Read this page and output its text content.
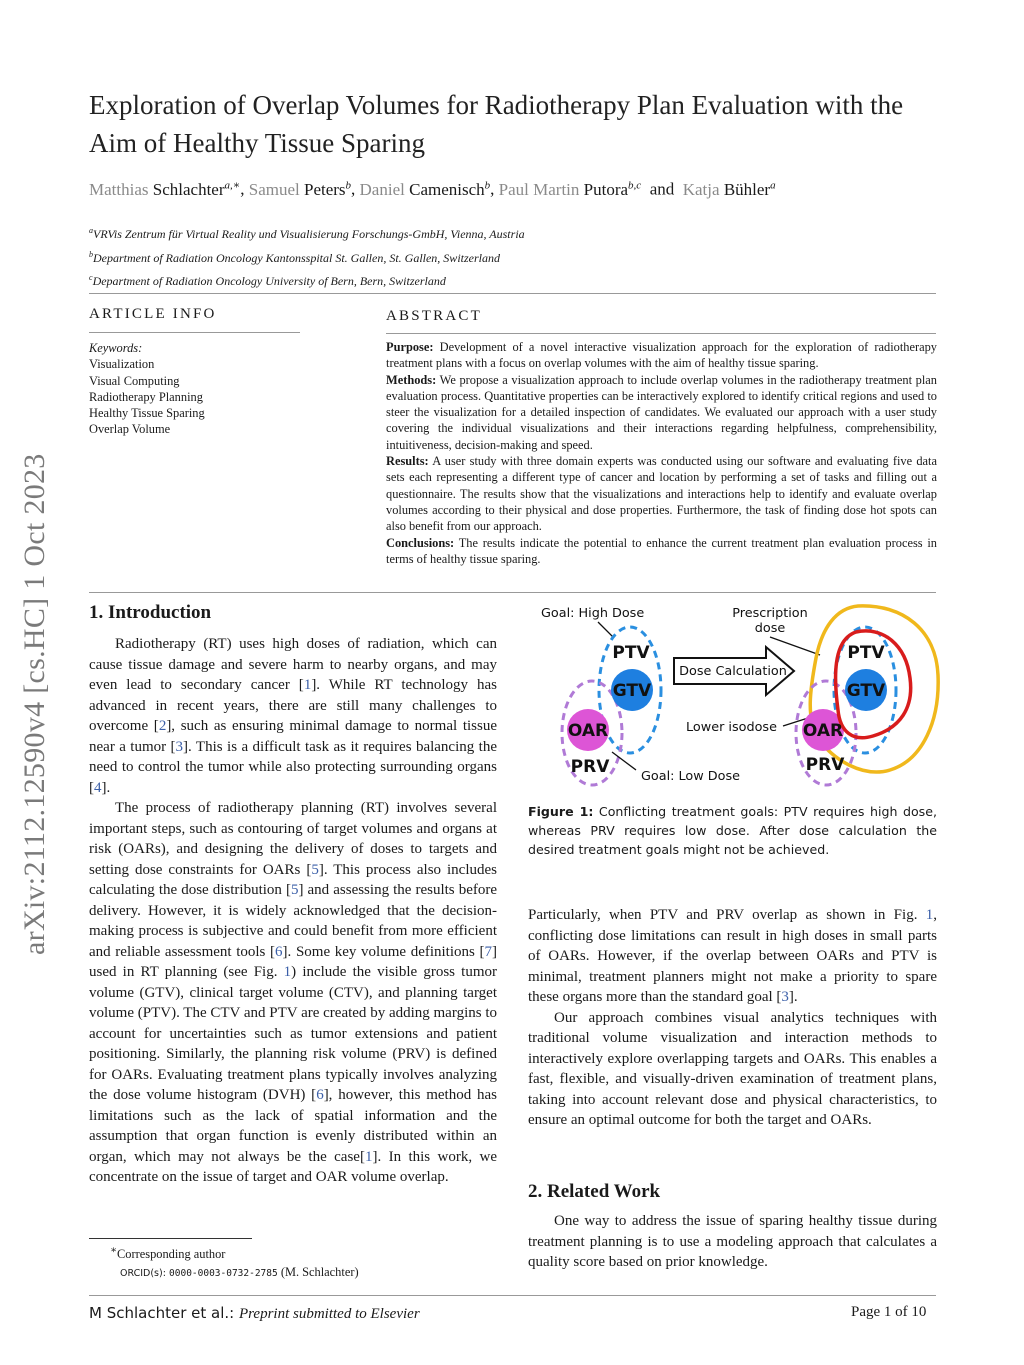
arXiv:2112.12590v4 [cs.HC] 1 Oct 2023
Exploration of Overlap Volumes for Radiotherapy Plan Evaluation with the Aim of Healthy Tissue Sparing
Matthias Schlachter$^{a,∗}$, Samuel Peters$^b$, Daniel Camenisch$^b$, Paul Martin Putora$^{b,c}$ and Katja Bühler$^a$
$^a$VRVis Zentrum für Virtual Reality und Visualisierung Forschungs-GmbH, Vienna, Austria
$^b$Department of Radiation Oncology Kantonsspital St. Gallen, St. Gallen, Switzerland
$^c$Department of Radiation Oncology University of Bern, Bern, Switzerland
ARTICLE INFO	ABSTRACT
Keywords:
Visualization
Visual Computing
Radiotherapy Planning
Healthy Tissue Sparing
Overlap Volume

Purpose: Development of a novel interactive visualization approach for the exploration of radiotherapy treatment plans with a focus on overlap volumes with the aim of healthy tissue sparing.

Methods: We propose a visualization approach to include overlap volumes in the radiotherapy treatment plan evaluation process. Quantitative properties can be interactively explored to identify critical regions and used to steer the visualization for a detailed inspection of candidates. We evaluated our approach with a user study covering the individual visualizations and their interactions regarding helpfulness, comprehensibility, intuitiveness, decision-making and speed.

Results: A user study with three domain experts was conducted using our software and evaluating five data sets each representing a different type of cancer and location by performing a set of tasks and filling out a questionnaire. The results show that the visualizations and interactions help to identify and evaluate overlap volumes according to their physical and dose properties. Furthermore, the task of finding dose hot spots can also benefit from our approach.

Conclusions: The results indicate the potential to enhance the current treatment plan evaluation process in terms of healthy tissue sparing.

1. Introduction

Radiotherapy (RT) uses high doses of radiation, which can cause tissue damage and severe harm to nearby organs, and may even lead to secondary cancer [1]. While RT technology has advanced in recent years, there are still many challenges to overcome [2], such as ensuring minimal damage to normal tissue near a tumor [3]. This is a difficult task as it requires balancing the need to control the tumor while also protecting surrounding organs [4].

The process of radiotherapy planning (RT) involves several important steps, such as contouring of target volumes and organs at risk (OARs), and designing the delivery of doses to targets and setting dose constraints for OARs [5]. This process also includes calculating the dose distribution [5] and assessing the results before delivery. However, it is widely acknowledged that the decision-making process is subjective and could benefit from more efficient and reliable assessment tools [6]. Some key volume definitions [7] used in RT planning (see Fig. 1) include the visible gross tumor volume (GTV), clinical target volume (CTV), and planning target volume (PTV). The CTV and PTV are created by adding margins to account for uncertainties such as tumor extensions and patient positioning. Similarly, the planning risk volume (PRV) is defined for OARs. Evaluating treatment plans typically involves analyzing the dose volume histogram (DVH) [6], however, this method has limitations such as the lack of spatial information and the assumption that organ function is evenly distributed within an organ, which may not always be the case[1]. In this work, we concentrate on the issue of target and OAR volume overlap.

Goal: High Dose	Prescription
dose
PTV
GTV
OAR
PRV
Dose Calculation
Lower isodose
Goal: Low Dose
PTV
GTV
OAR
PRV
Figure 1: Conflicting treatment goals: PTV requires high dose, whereas PRV requires low dose. After dose calculation the desired treatment goals might not be achieved.

Particularly, when PTV and PRV overlap as shown in Fig. 1, conflicting dose limitations can result in high doses in small parts of OARs. However, if the overlap between OARs and PTV is minimal, treatment planners might not make a priority to spare these organs more than the standard goal [3].

Our approach combines visual analytics techniques with traditional volume visualization and interaction methods to interactively explore overlapping targets and OARs. This enables a fast, flexible, and visually-driven examination of treatment plans, taking into account relevant dose and physical characteristics, to ensure an optimal outcome for both the target and OARs.

2. Related Work

One way to address the issue of sparing healthy tissue during treatment planning is to use a modeling approach that calculates a quality score based on prior knowledge.

∗Corresponding author
ORCID(s): 0000-0003-0732-2785 (M. Schlachter)
M Schlachter et al.: Preprint submitted to Elsevier	Page 1 of 10
